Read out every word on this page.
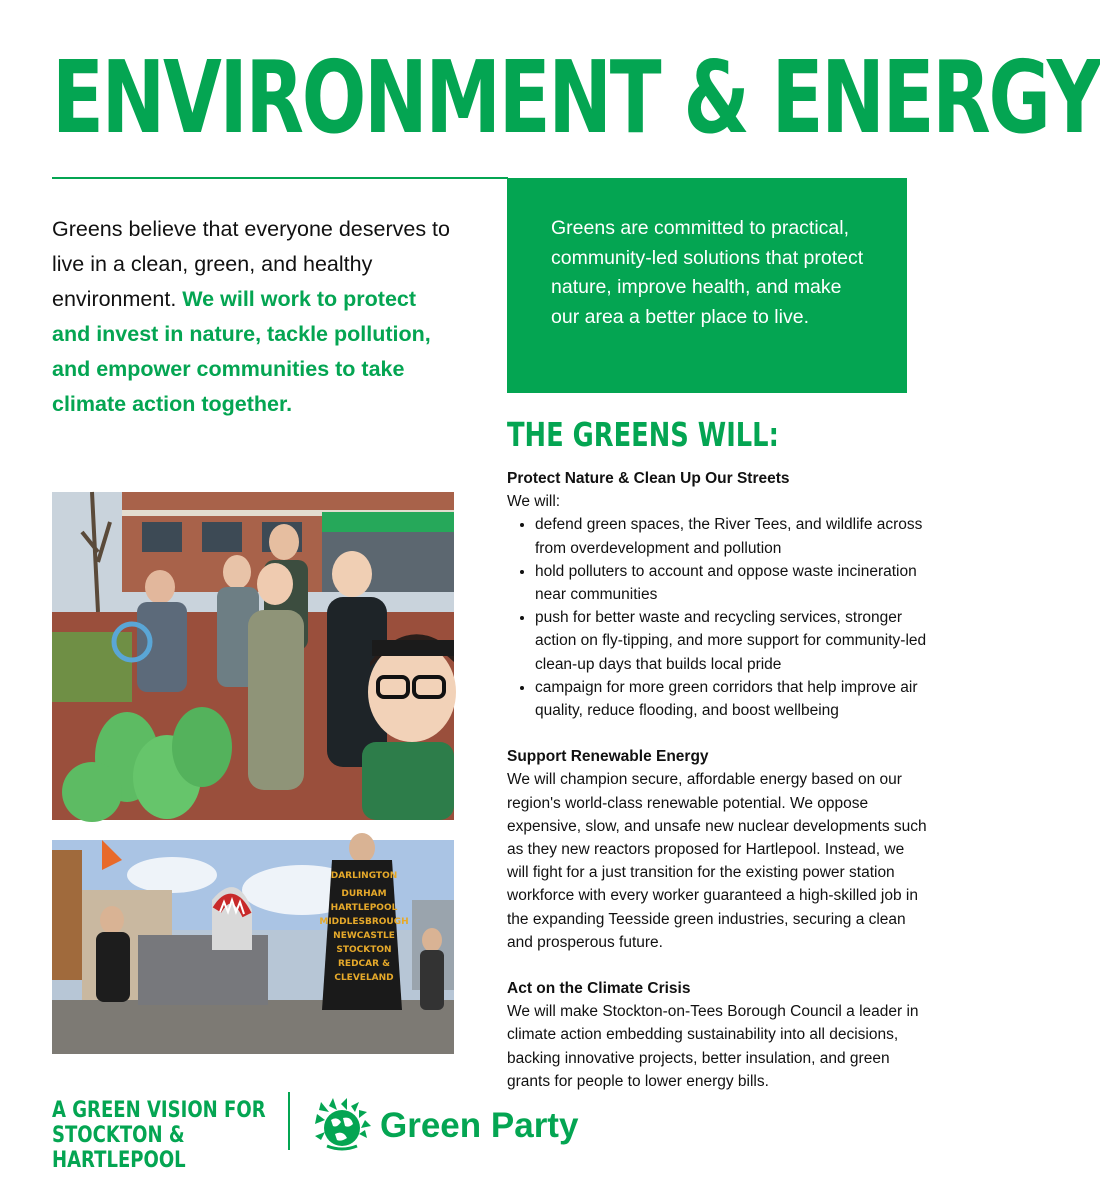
ENVIRONMENT & ENERGY
Greens believe that everyone deserves to live in a clean, green, and healthy environment. We will work to protect and invest in nature, tackle pollution, and empower communities to take climate action together.

Greens are committed to practical, community-led solutions that protect nature, improve health, and make our area a better place to live.

THE GREENS WILL:
Protect Nature & Clean Up Our Streets

We will:

• defend green spaces, the River Tees, and wildlife across from overdevelopment and pollution
• hold polluters to account and oppose waste incineration near communities
• push for better waste and recycling services, stronger action on fly-tipping, and more support for community-led clean-up days that builds local pride
• campaign for more green corridors that help improve air quality, reduce flooding, and boost wellbeing
Support Renewable Energy

We will champion secure, affordable energy based on our region's world-class renewable potential. We oppose expensive, slow, and unsafe new nuclear developments such as they new reactors proposed for Hartlepool. Instead, we will fight for a just transition for the existing power station workforce with every worker guaranteed a high-skilled job in the expanding Teesside green industries, securing a clean and prosperous future.

Act on the Climate Crisis

We will make Stockton-on-Tees Borough Council a leader in climate action embedding sustainability into all decisions, backing innovative projects, better insulation, and green grants for people to lower energy bills.

DARLINGTON
DURHAM
HARTLEPOOL
MIDDLESBROUGH
NEWCASTLE
STOCKTON
REDCAR &
CLEVELAND
A GREEN VISION FOR
STOCKTON & HARTLEPOOL
Green Party
